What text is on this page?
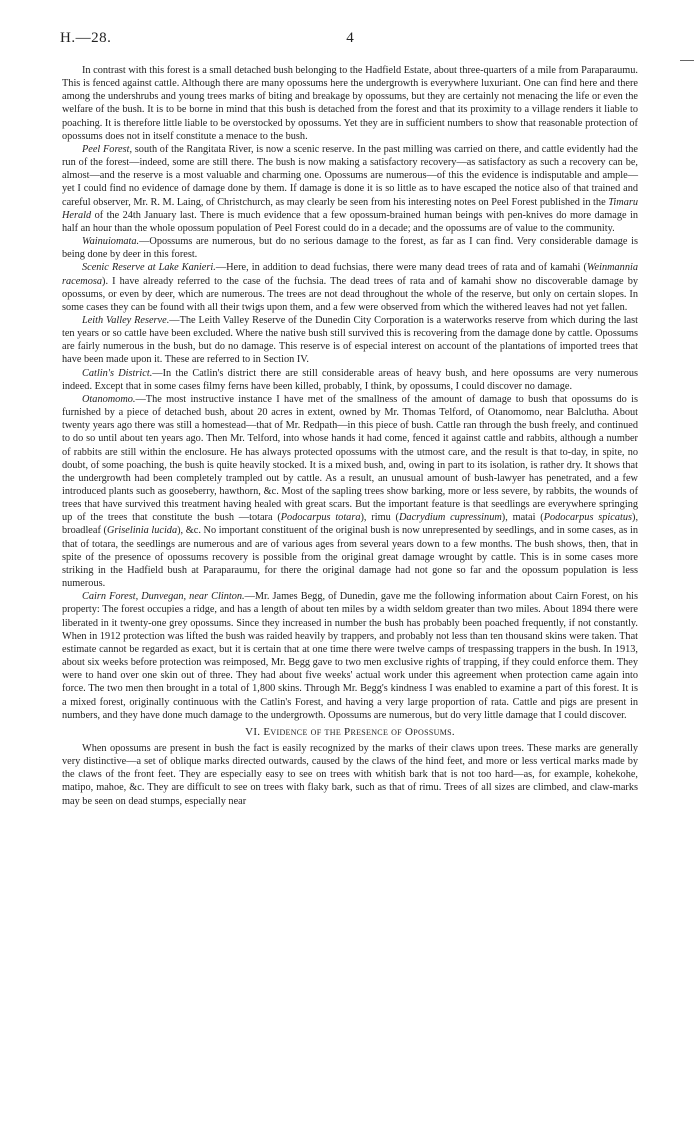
H.—28.	4

In contrast with this forest is a small detached bush belonging to the Hadfield Estate, about three-quarters of a mile from Paraparaumu. This is fenced against cattle. Although there are many opossums here the undergrowth is everywhere luxuriant. One can find here and there among the undershrubs and young trees marks of biting and breakage by opossums, but they are certainly not menacing the life or even the welfare of the bush. It is to be borne in mind that this bush is detached from the forest and that its proximity to a village renders it liable to poaching. It is therefore little liable to be overstocked by opossums. Yet they are in sufficient numbers to show that reasonable protection of opossums does not in itself constitute a menace to the bush.

Peel Forest, south of the Rangitata River, is now a scenic reserve. In the past milling was carried on there, and cattle evidently had the run of the forest—indeed, some are still there. The bush is now making a satisfactory recovery—as satisfactory as such a recovery can be, almost—and the reserve is a most valuable and charming one. Opossums are numerous—of this the evidence is indisputable and ample—yet I could find no evidence of damage done by them. If damage is done it is so little as to have escaped the notice also of that trained and careful observer, Mr. R. M. Laing, of Christchurch, as may clearly be seen from his interesting notes on Peel Forest published in the Timaru Herald of the 24th January last. There is much evidence that a few opossum-brained human beings with pen-knives do more damage in half an hour than the whole opossum population of Peel Forest could do in a decade; and the opossums are of value to the community.

Wainuiomata.—Opossums are numerous, but do no serious damage to the forest, as far as I can find. Very considerable damage is being done by deer in this forest.

Scenic Reserve at Lake Kanieri.—Here, in addition to dead fuchsias, there were many dead trees of rata and of kamahi (Weinmannia racemosa). I have already referred to the case of the fuchsia. The dead trees of rata and of kamahi show no discoverable damage by opossums, or even by deer, which are numerous. The trees are not dead throughout the whole of the reserve, but only on certain slopes. In some cases they can be found with all their twigs upon them, and a few were observed from which the withered leaves had not yet fallen.

Leith Valley Reserve.—The Leith Valley Reserve of the Dunedin City Corporation is a waterworks reserve from which during the last ten years or so cattle have been excluded. Where the native bush still survived this is recovering from the damage done by cattle. Opossums are fairly numerous in the bush, but do no damage. This reserve is of especial interest on account of the plantations of imported trees that have been made upon it. These are referred to in Section IV.

Catlin's District.—In the Catlin's district there are still considerable areas of heavy bush, and here opossums are very numerous indeed. Except that in some cases filmy ferns have been killed, probably, I think, by opossums, I could discover no damage.

Otanomomo.—The most instructive instance I have met of the smallness of the amount of damage to bush that opossums do is furnished by a piece of detached bush, about 20 acres in extent, owned by Mr. Thomas Telford, of Otanomomo, near Balclutha. About twenty years ago there was still a homestead—that of Mr. Redpath—in this piece of bush. Cattle ran through the bush freely, and continued to do so until about ten years ago. Then Mr. Telford, into whose hands it had come, fenced it against cattle and rabbits, although a number of rabbits are still within the enclosure. He has always protected opossums with the utmost care, and the result is that to-day, in spite, no doubt, of some poaching, the bush is quite heavily stocked. It is a mixed bush, and, owing in part to its isolation, is rather dry. It shows that the undergrowth had been completely trampled out by cattle. As a result, an unusual amount of bush-lawyer has penetrated, and a few introduced plants such as gooseberry, hawthorn, &c. Most of the sapling trees show barking, more or less severe, by rabbits, the wounds of trees that have survived this treatment having healed with great scars. But the important feature is that seedlings are everywhere springing up of the trees that constitute the bush —totara (Podocarpus totara), rimu (Dacrydium cupressinum), matai (Podocarpus spicatus), broadleaf (Griselinia lucida), &c. No important constituent of the original bush is now unrepresented by seedlings, and in some cases, as in that of totara, the seedlings are numerous and are of various ages from several years down to a few months. The bush shows, then, that in spite of the presence of opossums recovery is possible from the original great damage wrought by cattle. This is in some cases more striking in the Hadfield bush at Paraparaumu, for there the original damage had not gone so far and the opossum population is less numerous.

Cairn Forest, Dunvegan, near Clinton.—Mr. James Begg, of Dunedin, gave me the following information about Cairn Forest, on his property: The forest occupies a ridge, and has a length of about ten miles by a width seldom greater than two miles. About 1894 there were liberated in it twenty-one grey opossums. Since they increased in number the bush has probably been poached frequently, if not constantly. When in 1912 protection was lifted the bush was raided heavily by trappers, and probably not less than ten thousand skins were taken. That estimate cannot be regarded as exact, but it is certain that at one time there were twelve camps of trespassing trappers in the bush. In 1913, about six weeks before protection was reimposed, Mr. Begg gave to two men exclusive rights of trapping, if they could enforce them. They were to hand over one skin out of three. They had about five weeks' actual work under this agreement when protection came again into force. The two men then brought in a total of 1,800 skins. Through Mr. Begg's kindness I was enabled to examine a part of this forest. It is a mixed forest, originally continuous with the Catlin's Forest, and having a very large proportion of rata. Cattle and pigs are present in numbers, and they have done much damage to the undergrowth. Opossums are numerous, but do very little damage that I could discover.

VI. Evidence of the Presence of Opossums.

When opossums are present in bush the fact is easily recognized by the marks of their claws upon trees. These marks are generally very distinctive—a set of oblique marks directed outwards, caused by the claws of the hind feet, and more or less vertical marks made by the claws of the front feet. They are especially easy to see on trees with whitish bark that is not too hard—as, for example, kohekohe, matipo, mahoe, &c. They are difficult to see on trees with flaky bark, such as that of rimu. Trees of all sizes are climbed, and claw-marks may be seen on dead stumps, especially near
